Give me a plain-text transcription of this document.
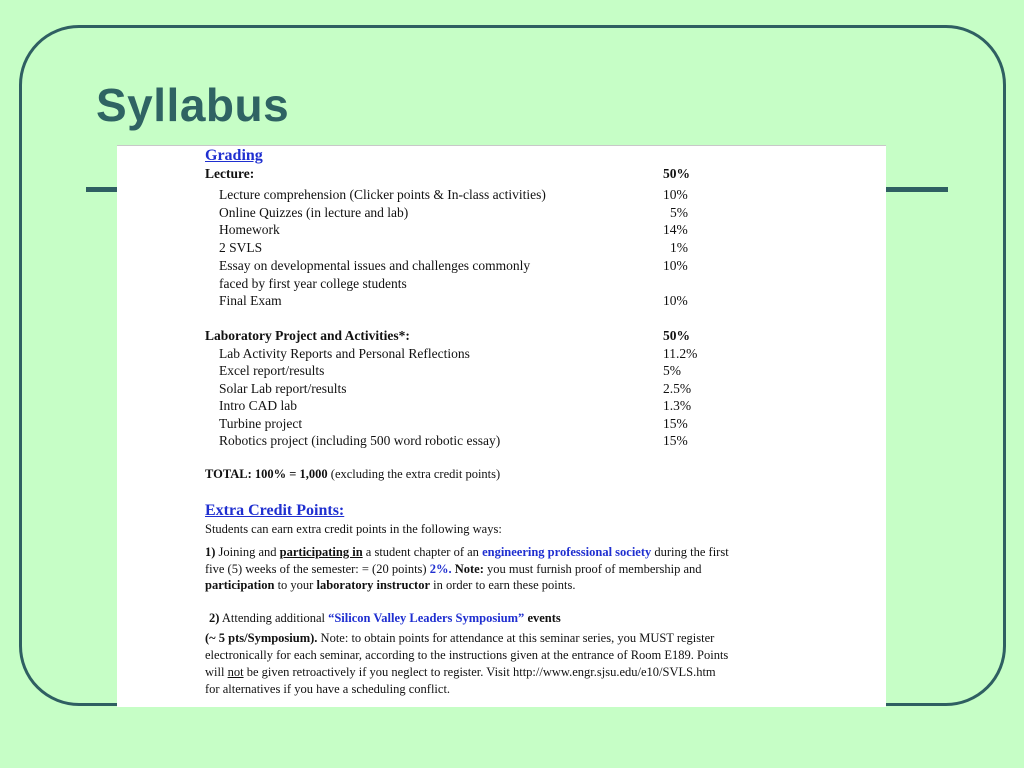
Syllabus
Grading
Lecture:	50%
Lecture comprehension (Clicker points & In-class activities)	10%
Online Quizzes (in lecture and lab)	5%
Homework	14%
2 SVLS	1%
Essay on developmental issues and challenges commonly	10%
faced by first year college students
Final Exam	10%
Laboratory Project and Activities*:	50%
Lab Activity Reports and Personal Reflections	11.2%
Excel report/results	5%
Solar Lab report/results	2.5%
Intro CAD lab	1.3%
Turbine project	15%
Robotics project (including 500 word robotic essay)	15%
TOTAL: 100% = 1,000 (excluding the extra credit points)
Extra Credit Points:
Students can earn extra credit points in the following ways:
1) Joining and participating in a student chapter of an engineering professional society during the first
five (5) weeks of the semester: = (20 points) 2%. Note: you must furnish proof of membership and
participation to your laboratory instructor in order to earn these points.
2) Attending additional “Silicon Valley Leaders Symposium” events
(~ 5 pts/Symposium). Note: to obtain points for attendance at this seminar series, you MUST register
electronically for each seminar, according to the instructions given at the entrance of Room E189. Points
will not be given retroactively if you neglect to register. Visit http://www.engr.sjsu.edu/e10/SVLS.htm
for alternatives if you have a scheduling conflict.
